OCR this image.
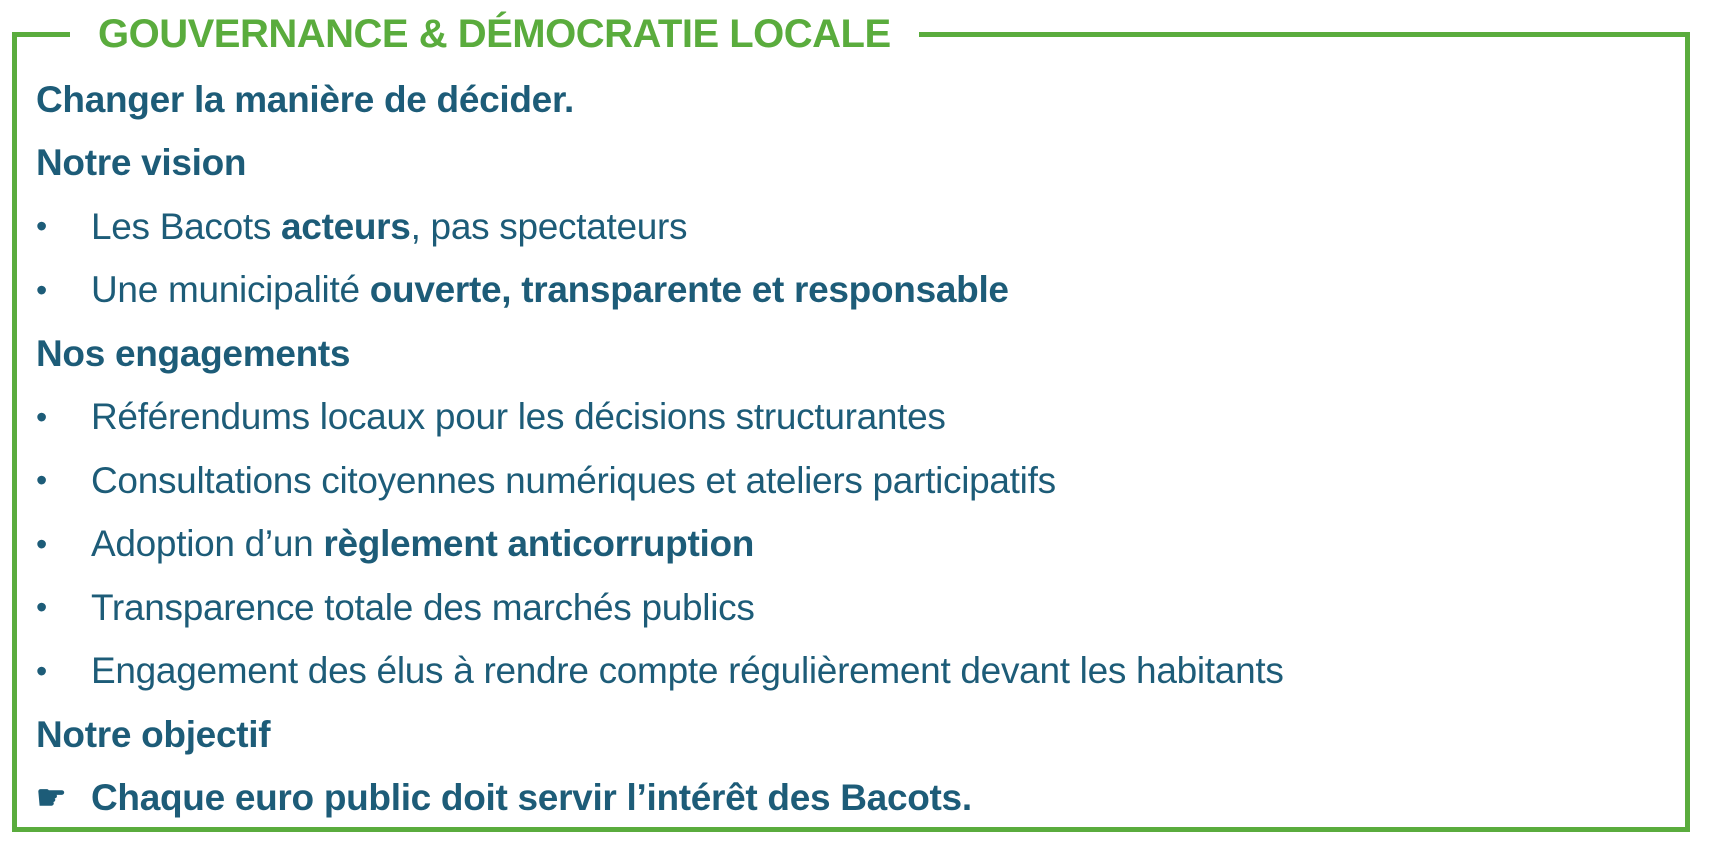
GOUVERNANCE & DÉMOCRATIE LOCALE
Changer la manière de décider.
Notre vision
•	Les Bacots acteurs, pas spectateurs
•	Une municipalité ouverte, transparente et responsable
Nos engagements
•	Référendums locaux pour les décisions structurantes
•	Consultations citoyennes numériques et ateliers participatifs
•	Adoption d’un règlement anticorruption
•	Transparence totale des marchés publics
•	Engagement des élus à rendre compte régulièrement devant les habitants
Notre objectif
☛ Chaque euro public doit servir l’intérêt des Bacots.
